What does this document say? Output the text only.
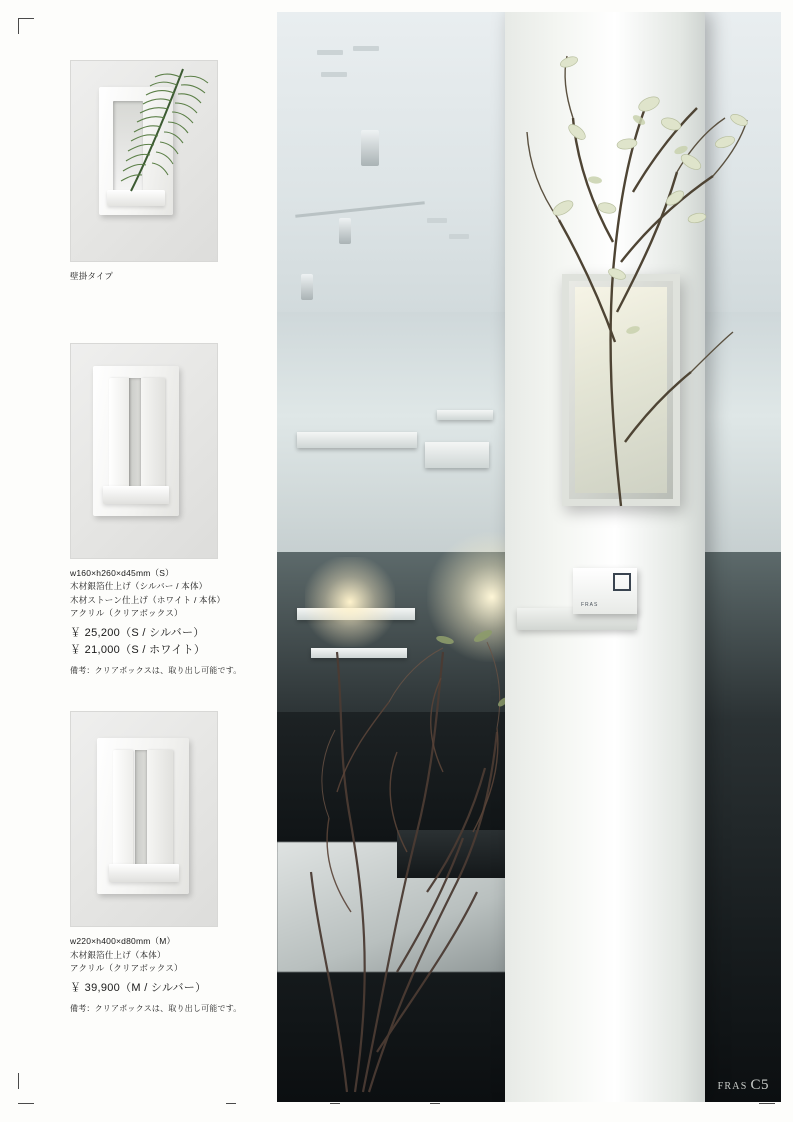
壁掛タイプ
w160×h260×d45mm（S）
木材銀箔仕上げ（シルバー / 本体）
木材ストーン仕上げ（ホワイト / 本体）
アクリル（クリアボックス）
￥ 25,200（S / シルバー）
￥ 21,000（S / ホワイト）
備考：クリアボックスは、取り出し可能です。
w220×h400×d80mm（M）
木材銀箔仕上げ（本体）
アクリル（クリアボックス）
￥ 39,900（M / シルバー）
備考：クリアボックスは、取り出し可能です。
FRAS
FRAS C5
